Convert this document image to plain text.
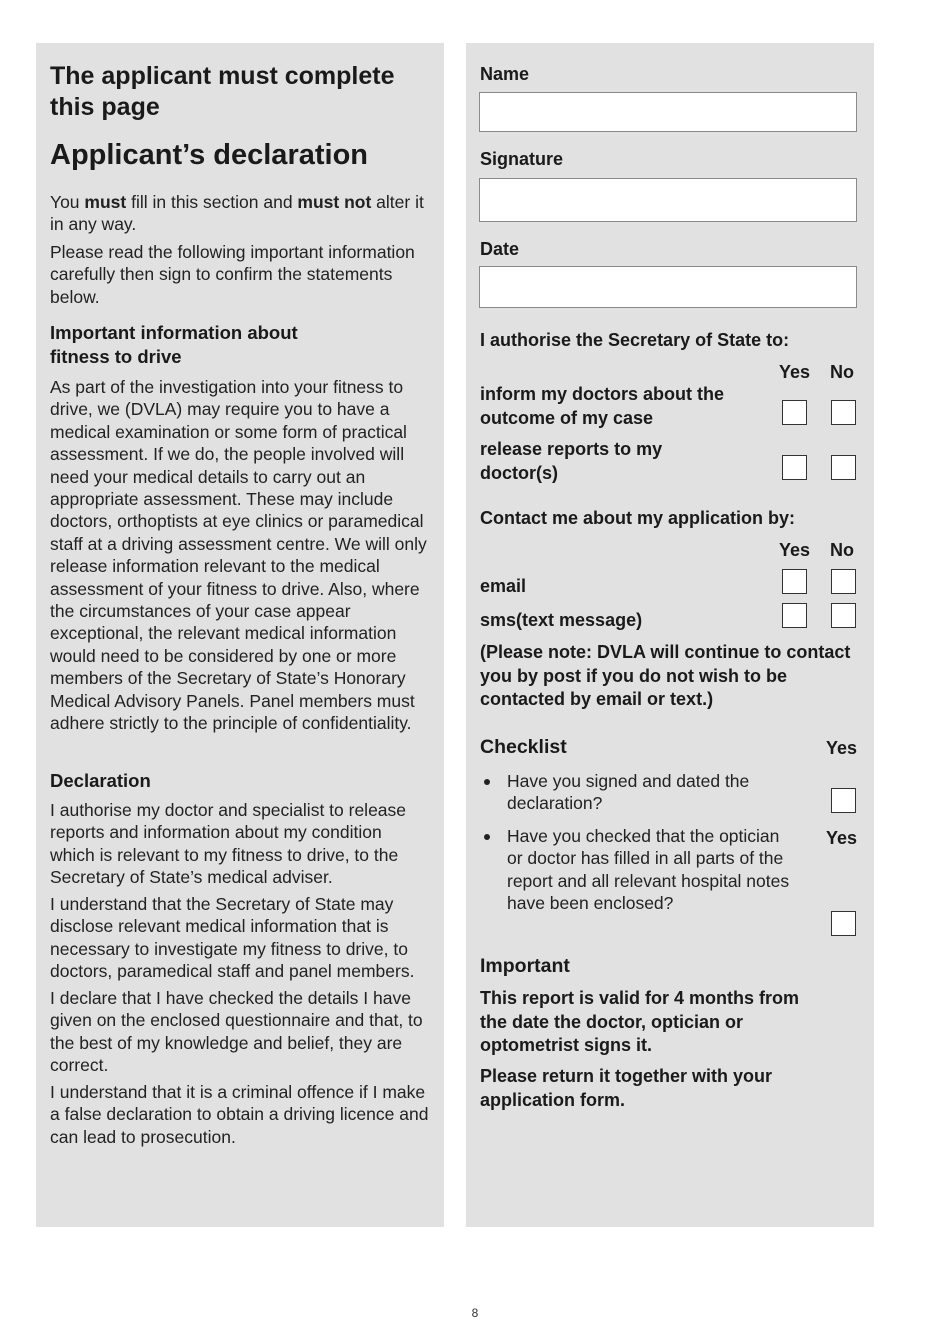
The applicant must complete this page
Applicant’s declaration
You must fill in this section and must not alter it in any way.
Please read the following important information carefully then sign to confirm the statements below.
Important information about fitness to drive
As part of the investigation into your fitness to drive, we (DVLA) may require you to have a medical examination or some form of practical assessment. If we do, the people involved will need your medical details to carry out an appropriate assessment. These may include doctors, orthoptists at eye clinics or paramedical staff at a driving assessment centre. We will only release information relevant to the medical assessment of your fitness to drive. Also, where the circumstances of your case appear exceptional, the relevant medical information would need to be considered by one or more members of the Secretary of State’s Honorary Medical Advisory Panels. Panel members must adhere strictly to the principle of confidentiality.
Declaration
I authorise my doctor and specialist to release reports and information about my condition which is relevant to my fitness to drive, to the Secretary of State’s medical adviser.
I understand that the Secretary of State may disclose relevant medical information that is necessary to investigate my fitness to drive, to doctors, paramedical staff and panel members.
I declare that I have checked the details I have given on the enclosed questionnaire and that, to the best of my knowledge and belief, they are correct.
I understand that it is a criminal offence if I make a false declaration to obtain a driving licence and can lead to prosecution.
Name
Signature
Date
I authorise the Secretary of State to:
Yes No
inform my doctors about the outcome of my case
release reports to my doctor(s)
Contact me about my application by:
Yes No
email
sms(text message)
(Please note: DVLA will continue to contact you by post if you do not wish to be contacted by email or text.)
Checklist	Yes
Have you signed and dated the declaration?
Yes
Have you checked that the optician or doctor has filled in all parts of the report and all relevant hospital notes have been enclosed?
Important
This report is valid for 4 months from the date the doctor, optician or optometrist signs it.
Please return it together with your application form.
8
